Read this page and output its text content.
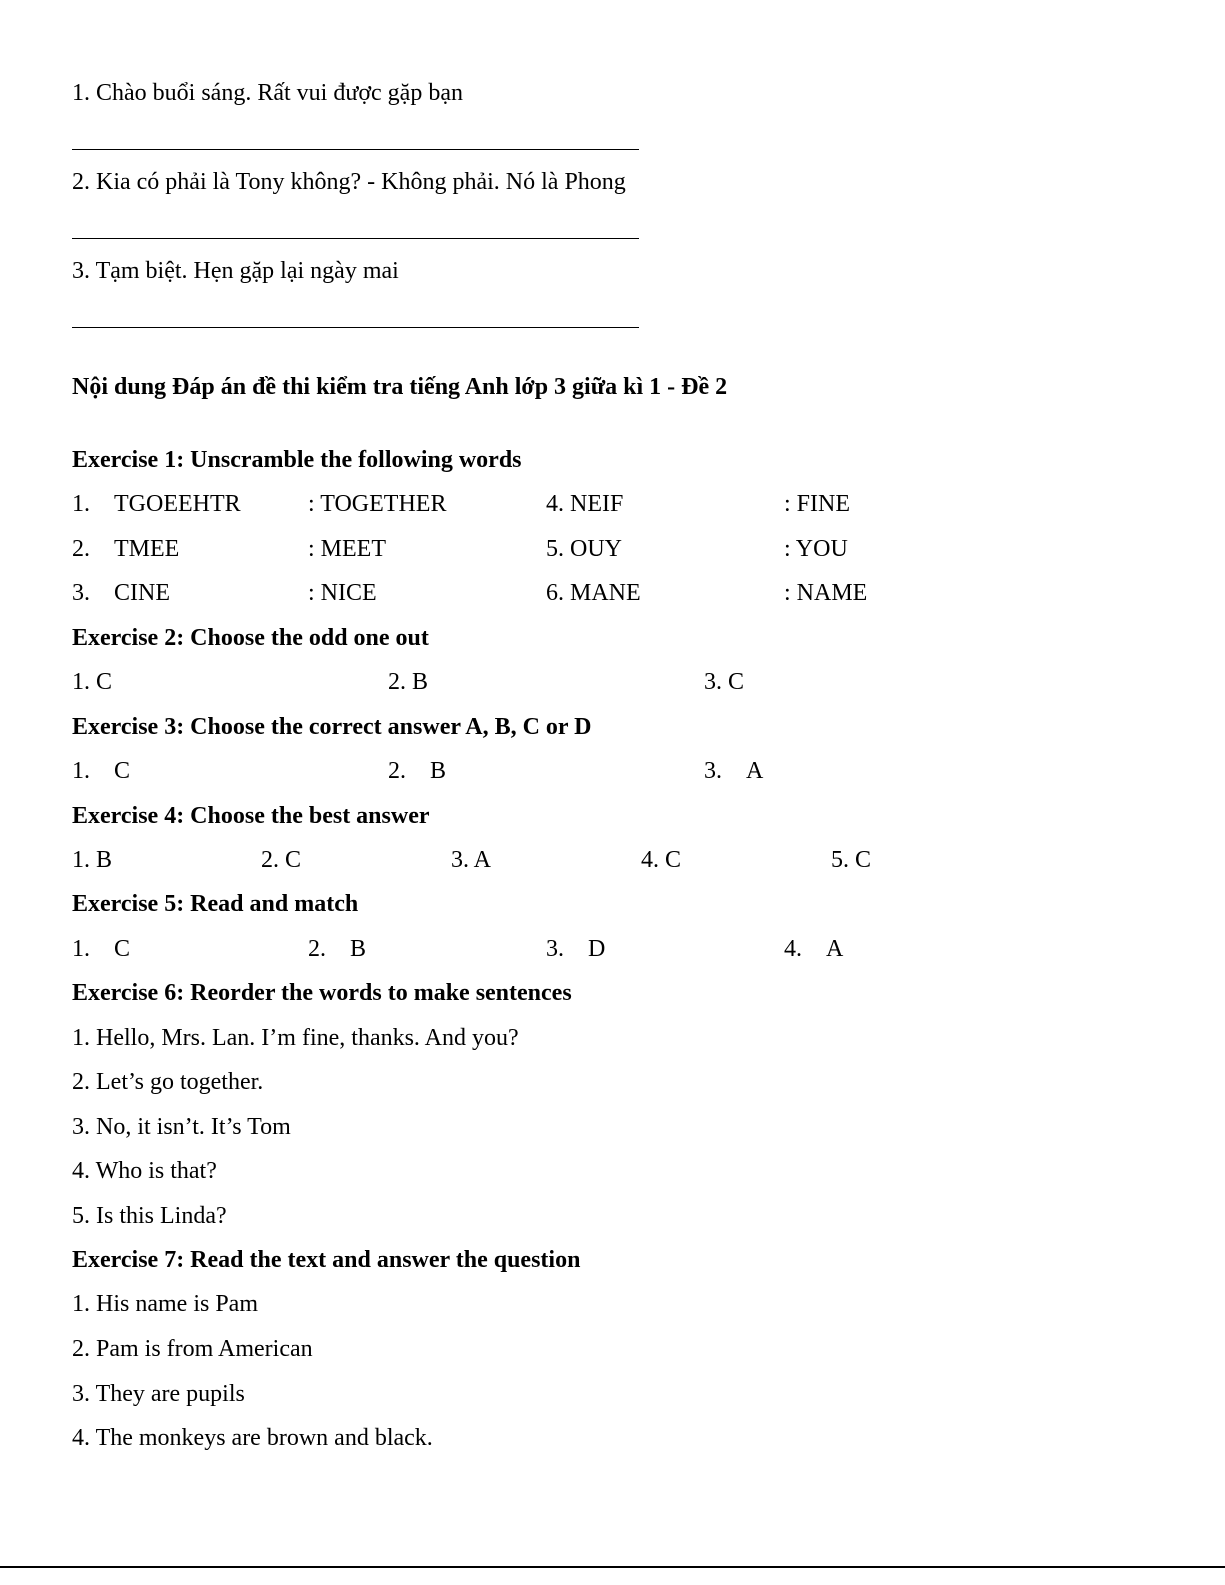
1. Chào buổi sáng. Rất vui được gặp bạn
2. Kia có phải là Tony không? - Không phải. Nó là Phong
3. Tạm biệt. Hẹn gặp lại ngày mai
Nội dung Đáp án đề thi kiểm tra tiếng Anh lớp 3 giữa kì 1 - Đề 2
Exercise 1: Unscramble the following words
1. TGOEEHTR	: TOGETHER	4. NEIF	: FINE
2. TMEE	: MEET	5. OUY	: YOU
3. CINE	: NICE	6. MANE	: NAME
Exercise 2: Choose the odd one out
1. C	2. B	3. C
Exercise 3: Choose the correct answer A, B, C or D
1. C	2. B	3. A
Exercise 4: Choose the best answer
1. B	2. C	3. A	4. C	5. C
Exercise 5: Read and match
1. C	2. B	3. D	4. A
Exercise 6: Reorder the words to make sentences
1. Hello, Mrs. Lan. I’m fine, thanks. And you?
2. Let’s go together.
3. No, it isn’t. It’s Tom
4. Who is that?
5. Is this Linda?
Exercise 7: Read the text and answer the question
1. His name is Pam
2. Pam is from American
3. They are pupils
4. The monkeys are brown and black.
